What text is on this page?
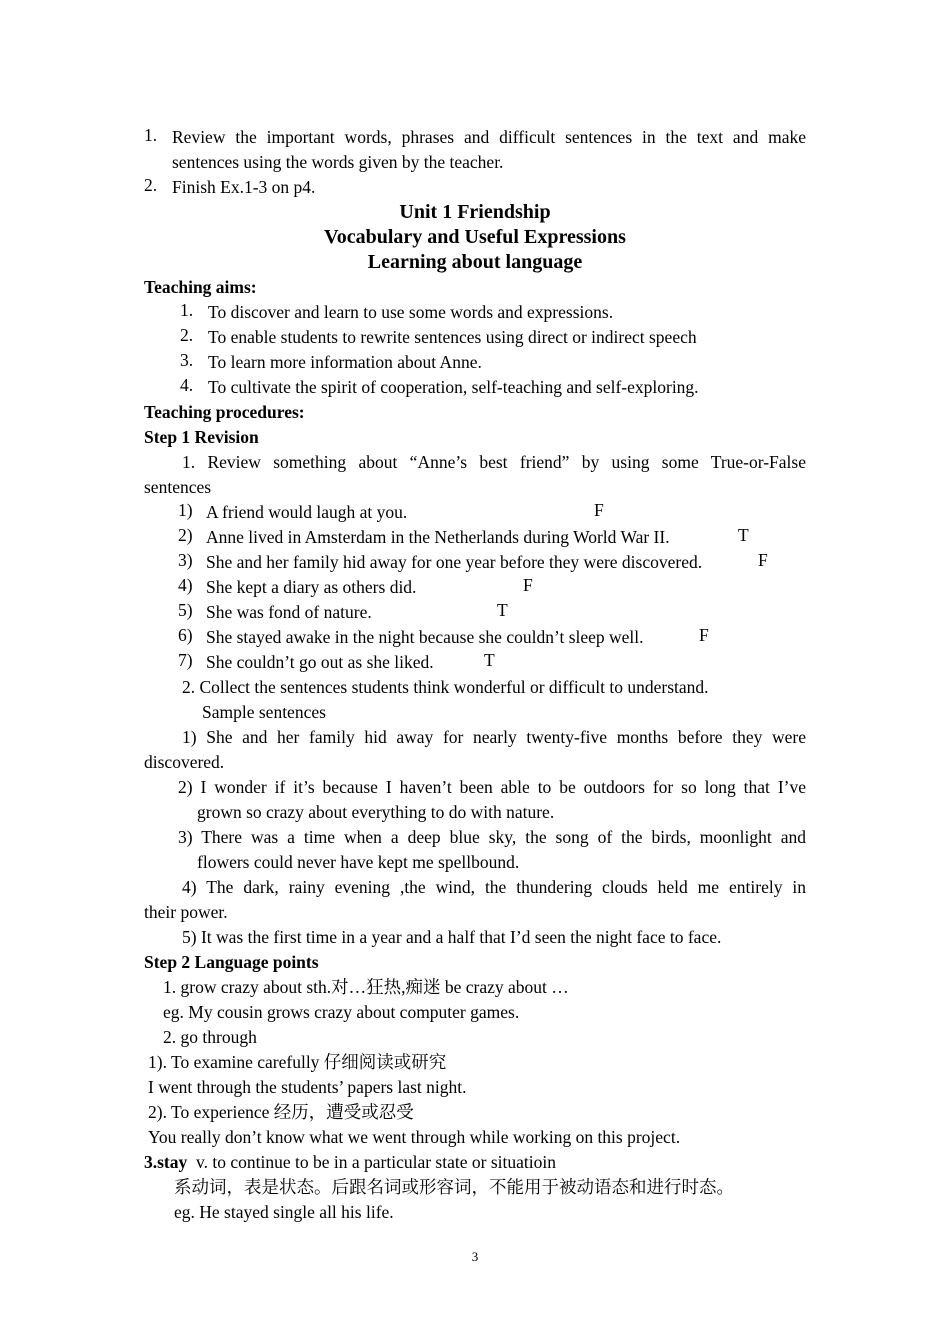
1. Review the important words, phrases and difficult sentences in the text and make
sentences using the words given by the teacher.
2. Finish Ex.1-3 on p4.
Unit 1 Friendship
Vocabulary and Useful Expressions
Learning about language
Teaching aims:
1. To discover and learn to use some words and expressions.
2. To enable students to rewrite sentences using direct or indirect speech
3. To learn more information about Anne.
4. To cultivate the spirit of cooperation, self-teaching and self-exploring.
Teaching procedures:
Step 1 Revision
1. Review something about “Anne’s best friend” by using some True-or-False
sentences
1) A friend would laugh at you.	F
2) Anne lived in Amsterdam in the Netherlands during World War II.	T
3) She and her family hid away for one year before they were discovered.	F
4) She kept a diary as others did.	F
5) She was fond of nature.	T
6) She stayed awake in the night because she couldn’t sleep well.	F
7) She couldn’t go out as she liked.	T
2. Collect the sentences students think wonderful or difficult to understand.
Sample sentences
1) She and her family hid away for nearly twenty-five months before they were
discovered.
2) I wonder if it’s because I haven’t been able to be outdoors for so long that I’ve
grown so crazy about everything to do with nature.
3) There was a time when a deep blue sky, the song of the birds, moonlight and
flowers could never have kept me spellbound.
4) The dark, rainy evening ,the wind, the thundering clouds held me entirely in
their power.
5) It was the first time in a year and a half that I’d seen the night face to face.
Step 2 Language points
1. grow crazy about sth.对…狂热,痴迷 be crazy about …
eg. My cousin grows crazy about computer games.
2. go through
1). To examine carefully 仔细阅读或研究
I went through the students’ papers last night.
2). To experience 经历，遭受或忍受
You really don’t know what we went through while working on this project.
3.stay v. to continue to be in a particular state or situatioin
系动词，表是状态。后跟名词或形容词，不能用于被动语态和进行时态。
eg. He stayed single all his life.
3
